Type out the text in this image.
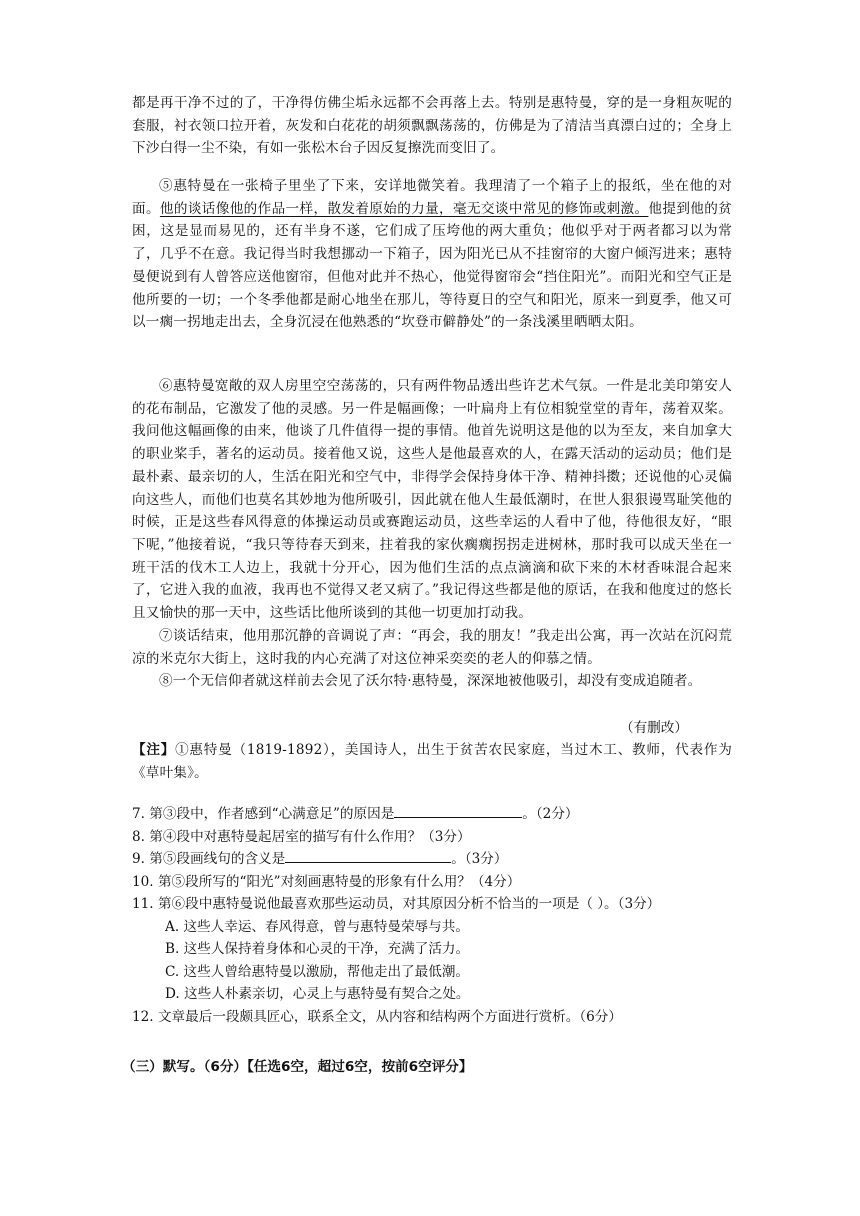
都是再干净不过的了，干净得仿佛尘垢永远都不会再落上去。特别是惠特曼，穿的是一身粗灰呢的套服，衬衣领口拉开着，灰发和白花花的胡须飘飘荡荡的，仿佛是为了清洁当真漂白过的；全身上下沙白得一尘不染，有如一张松木台子因反复擦洗而变旧了。

⑤惠特曼在一张椅子里坐了下来，安详地微笑着。我理清了一个箱子上的报纸，坐在他的对面。他的谈话像他的作品一样，散发着原始的力量，毫无交谈中常见的修饰或刺激。他提到他的贫困，这是显而易见的，还有半身不遂，它们成了压垮他的两大重负；他似乎对于两者都习以为常了，几乎不在意。我记得当时我想挪动一下箱子，因为阳光已从不挂窗帘的大窗户倾泻进来；惠特曼便说到有人曾答应送他窗帘，但他对此并不热心，他觉得窗帘会“挡住阳光”。而阳光和空气正是他所要的一切；一个冬季他都是耐心地坐在那儿，等待夏日的空气和阳光，原来一到夏季，他又可以一瘸一拐地走出去，全身沉浸在他熟悉的“坎登市僻静处”的一条浅溪里晒晒太阳。

⑥惠特曼宽敞的双人房里空空荡荡的，只有两件物品透出些许艺术气氛。一件是北美印第安人的花布制品，它激发了他的灵感。另一件是幅画像；一叶扁舟上有位相貌堂堂的青年，荡着双桨。我问他这幅画像的由来，他谈了几件值得一提的事情。他首先说明这是他的以为至友，来自加拿大的职业桨手，著名的运动员。接着他又说，这些人是他最喜欢的人，在露天活动的运动员；他们是最朴素、最亲切的人，生活在阳光和空气中，非得学会保持身体干净、精神抖擞；还说他的心灵偏向这些人，而他们也莫名其妙地为他所吸引，因此就在他人生最低潮时，在世人狠狠谩骂耻笑他的时候，正是这些春风得意的体操运动员或赛跑运动员，这些幸运的人看中了他，待他很友好，“眼下呢，”他接着说，“我只等待春天到来，拄着我的家伙瘸瘸拐拐走进树林，那时我可以成天坐在一班干活的伐木工人边上，我就十分开心，因为他们生活的点点滴滴和砍下来的木材香味混合起来了，它进入我的血液，我再也不觉得又老又病了。”我记得这些都是他的原话，在我和他度过的悠长且又愉快的那一天中，这些话比他所谈到的其他一切更加打动我。

⑦谈话结束，他用那沉静的音调说了声：“再会，我的朋友！”我走出公寓，再一次站在沉闷荒凉的米克尔大街上，这时我的内心充满了对这位神采奕奕的老人的仰慕之情。

⑧一个无信仰者就这样前去会见了沃尔特·惠特曼，深深地被他吸引，却没有变成追随者。

（有删改）

【注】①惠特曼（1819-1892），美国诗人，出生于贫苦农民家庭，当过木工、教师，代表作为《草叶集》。

7. 第③段中，作者感到“心满意足”的原因是	。（2分）
8. 第④段中对惠特曼起居室的描写有什么作用？（3分）
9. 第⑤段画线句的含义是	。（3分）
10. 第⑤段所写的“阳光”对刻画惠特曼的形象有什么用？（4分）
11. 第⑥段中惠特曼说他最喜欢那些运动员，对其原因分析不恰当的一项是（ ）。（3分）
A. 这些人幸运、春风得意，曾与惠特曼荣辱与共。
B. 这些人保持着身体和心灵的干净，充满了活力。
C. 这些人曾给惠特曼以激励，帮他走出了最低潮。
D. 这些人朴素亲切，心灵上与惠特曼有契合之处。
12. 文章最后一段颇具匠心，联系全文，从内容和结构两个方面进行赏析。（6分）
（三）默写。（6分）【任选6空，超过6空，按前6空评分】
